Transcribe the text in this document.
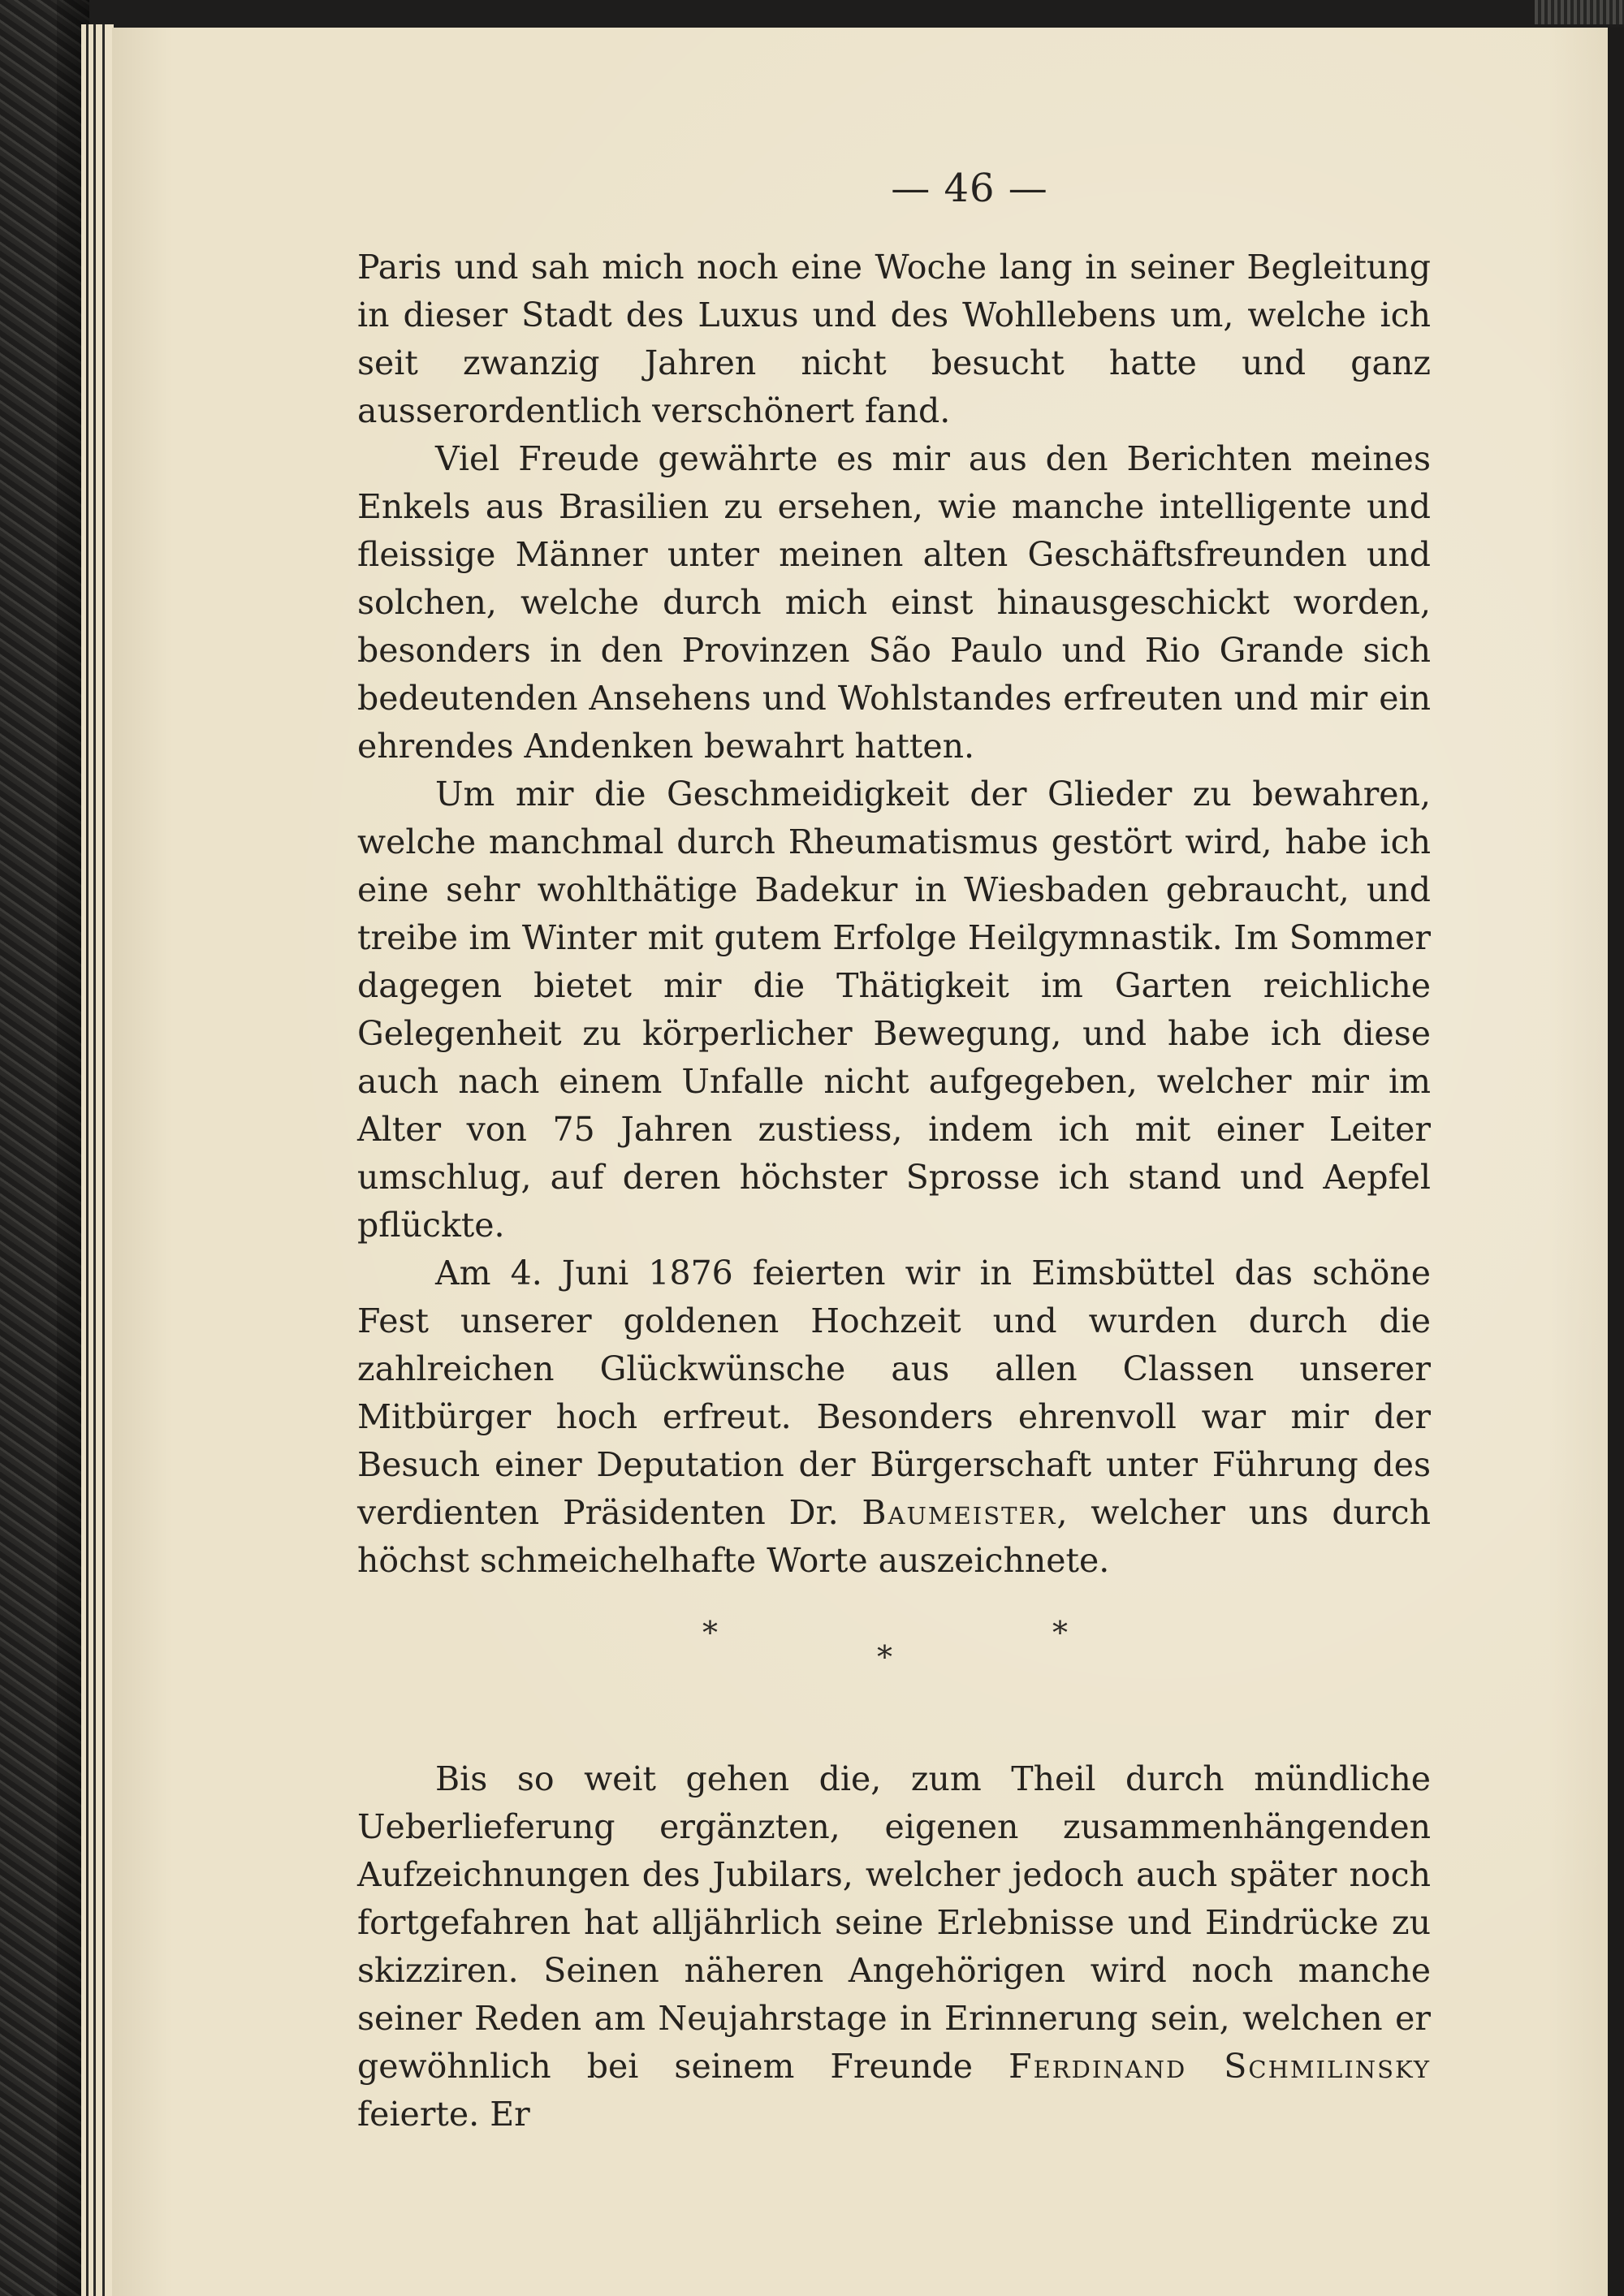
— 46 —

Paris und sah mich noch eine Woche lang in seiner Begleitung in dieser Stadt des Luxus und des Wohllebens um, welche ich seit zwanzig Jahren nicht besucht hatte und ganz ausserordentlich verschönert fand.

Viel Freude gewährte es mir aus den Berichten meines Enkels aus Brasilien zu ersehen, wie manche intelligente und fleissige Männer unter meinen alten Geschäftsfreunden und solchen, welche durch mich einst hinausgeschickt worden, besonders in den Provinzen São Paulo und Rio Grande sich bedeutenden Ansehens und Wohlstandes erfreuten und mir ein ehrendes Andenken bewahrt hatten.

Um mir die Geschmeidigkeit der Glieder zu bewahren, welche manchmal durch Rheumatismus gestört wird, habe ich eine sehr wohlthätige Badekur in Wiesbaden gebraucht, und treibe im Winter mit gutem Erfolge Heilgymnastik. Im Sommer dagegen bietet mir die Thätigkeit im Garten reichliche Gelegenheit zu körperlicher Bewegung, und habe ich diese auch nach einem Unfalle nicht aufgegeben, welcher mir im Alter von 75 Jahren zustiess, indem ich mit einer Leiter umschlug, auf deren höchster Sprosse ich stand und Aepfel pflückte.

Am 4. Juni 1876 feierten wir in Eimsbüttel das schöne Fest unserer goldenen Hochzeit und wurden durch die zahlreichen Glückwünsche aus allen Classen unserer Mitbürger hoch erfreut. Besonders ehrenvoll war mir der Besuch einer Deputation der Bürgerschaft unter Führung des verdienten Präsidenten Dr. Baumeister, welcher uns durch höchst schmeichelhafte Worte auszeichnete.

*
*
*

Bis so weit gehen die, zum Theil durch mündliche Ueberlieferung ergänzten, eigenen zusammenhängenden Aufzeichnungen des Jubilars, welcher jedoch auch später noch fortgefahren hat alljährlich seine Erlebnisse und Eindrücke zu skizziren. Seinen näheren Angehörigen wird noch manche seiner Reden am Neujahrstage in Erinnerung sein, welchen er gewöhnlich bei seinem Freunde Ferdinand Schmilinsky feierte. Er
